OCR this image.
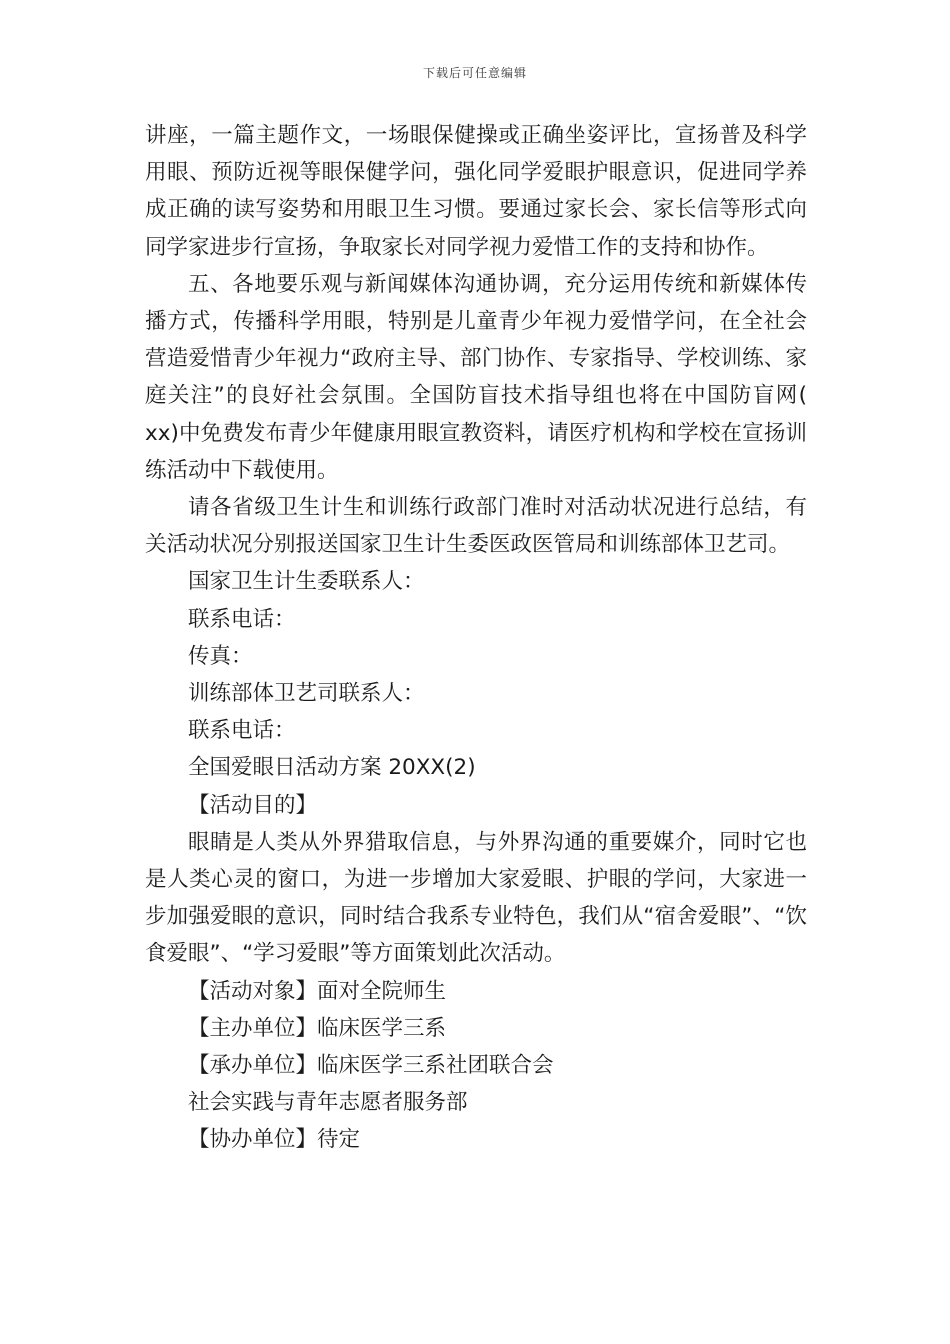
下载后可任意编辑

讲座，一篇主题作文，一场眼保健操或正确坐姿评比，宣扬普及科学用眼、预防近视等眼保健学问，强化同学爱眼护眼意识，促进同学养成正确的读写姿势和用眼卫生习惯。要通过家长会、家长信等形式向同学家进步行宣扬，争取家长对同学视力爱惜工作的支持和协作。

五、各地要乐观与新闻媒体沟通协调，充分运用传统和新媒体传播方式，传播科学用眼，特别是儿童青少年视力爱惜学问，在全社会营造爱惜青少年视力“政府主导、部门协作、专家指导、学校训练、家庭关注”的良好社会氛围。全国防盲技术指导组也将在中国防盲网( xx)中免费发布青少年健康用眼宣教资料，请医疗机构和学校在宣扬训练活动中下载使用。

请各省级卫生计生和训练行政部门准时对活动状况进行总结，有关活动状况分别报送国家卫生计生委医政医管局和训练部体卫艺司。

国家卫生计生委联系人：

联系电话：

传真：

训练部体卫艺司联系人：

联系电话：

全国爱眼日活动方案 20XX(2)

【活动目的】

眼睛是人类从外界猎取信息，与外界沟通的重要媒介，同时它也是人类心灵的窗口，为进一步增加大家爱眼、护眼的学问，大家进一步加强爱眼的意识，同时结合我系专业特色，我们从“宿舍爱眼”、“饮食爱眼”、“学习爱眼”等方面策划此次活动。

【活动对象】面对全院师生

【主办单位】临床医学三系

【承办单位】临床医学三系社团联合会

社会实践与青年志愿者服务部

【协办单位】待定
